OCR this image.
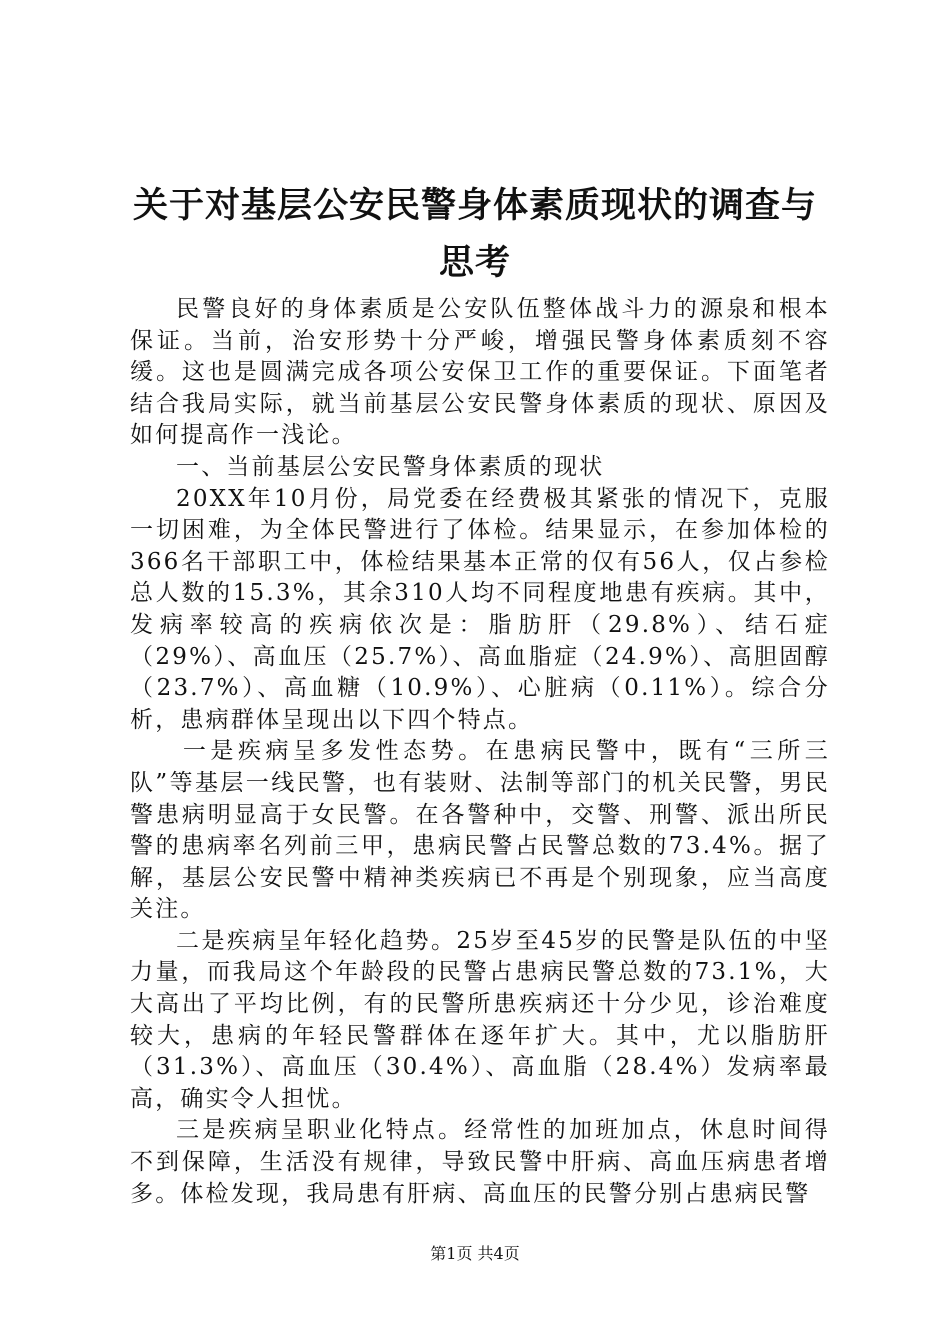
关于对基层公安民警身体素质现状的调查与思考

民警良好的身体素质是公安队伍整体战斗力的源泉和根本保证。当前，治安形势十分严峻，增强民警身体素质刻不容缓。这也是圆满完成各项公安保卫工作的重要保证。下面笔者结合我局实际，就当前基层公安民警身体素质的现状、原因及如何提高作一浅论。

一、当前基层公安民警身体素质的现状

20XX年10月份，局党委在经费极其紧张的情况下，克服一切困难，为全体民警进行了体检。结果显示，在参加体检的366名干部职工中，体检结果基本正常的仅有56人，仅占参检总人数的15.3%，其余310人均不同程度地患有疾病。其中，发病率较高的疾病依次是：脂肪肝（29.8%）、结石症（29%）、高血压（25.7%）、高血脂症（24.9%）、高胆固醇（23.7%）、高血糖（10.9%）、心脏病（0.11%）。综合分析，患病群体呈现出以下四个特点。

一是疾病呈多发性态势。在患病民警中，既有“三所三队”等基层一线民警，也有装财、法制等部门的机关民警，男民警患病明显高于女民警。在各警种中，交警、刑警、派出所民警的患病率名列前三甲，患病民警占民警总数的73.4%。据了解，基层公安民警中精神类疾病已不再是个别现象，应当高度关注。

二是疾病呈年轻化趋势。25岁至45岁的民警是队伍的中坚力量，而我局这个年龄段的民警占患病民警总数的73.1%，大大高出了平均比例，有的民警所患疾病还十分少见，诊治难度较大，患病的年轻民警群体在逐年扩大。其中，尤以脂肪肝（31.3%）、高血压（30.4%）、高血脂（28.4%）发病率最高，确实令人担忧。

三是疾病呈职业化特点。经常性的加班加点，休息时间得不到保障，生活没有规律，导致民警中肝病、高血压病患者增多。体检发现，我局患有肝病、高血压的民警分别占患病民警

第1页 共4页
